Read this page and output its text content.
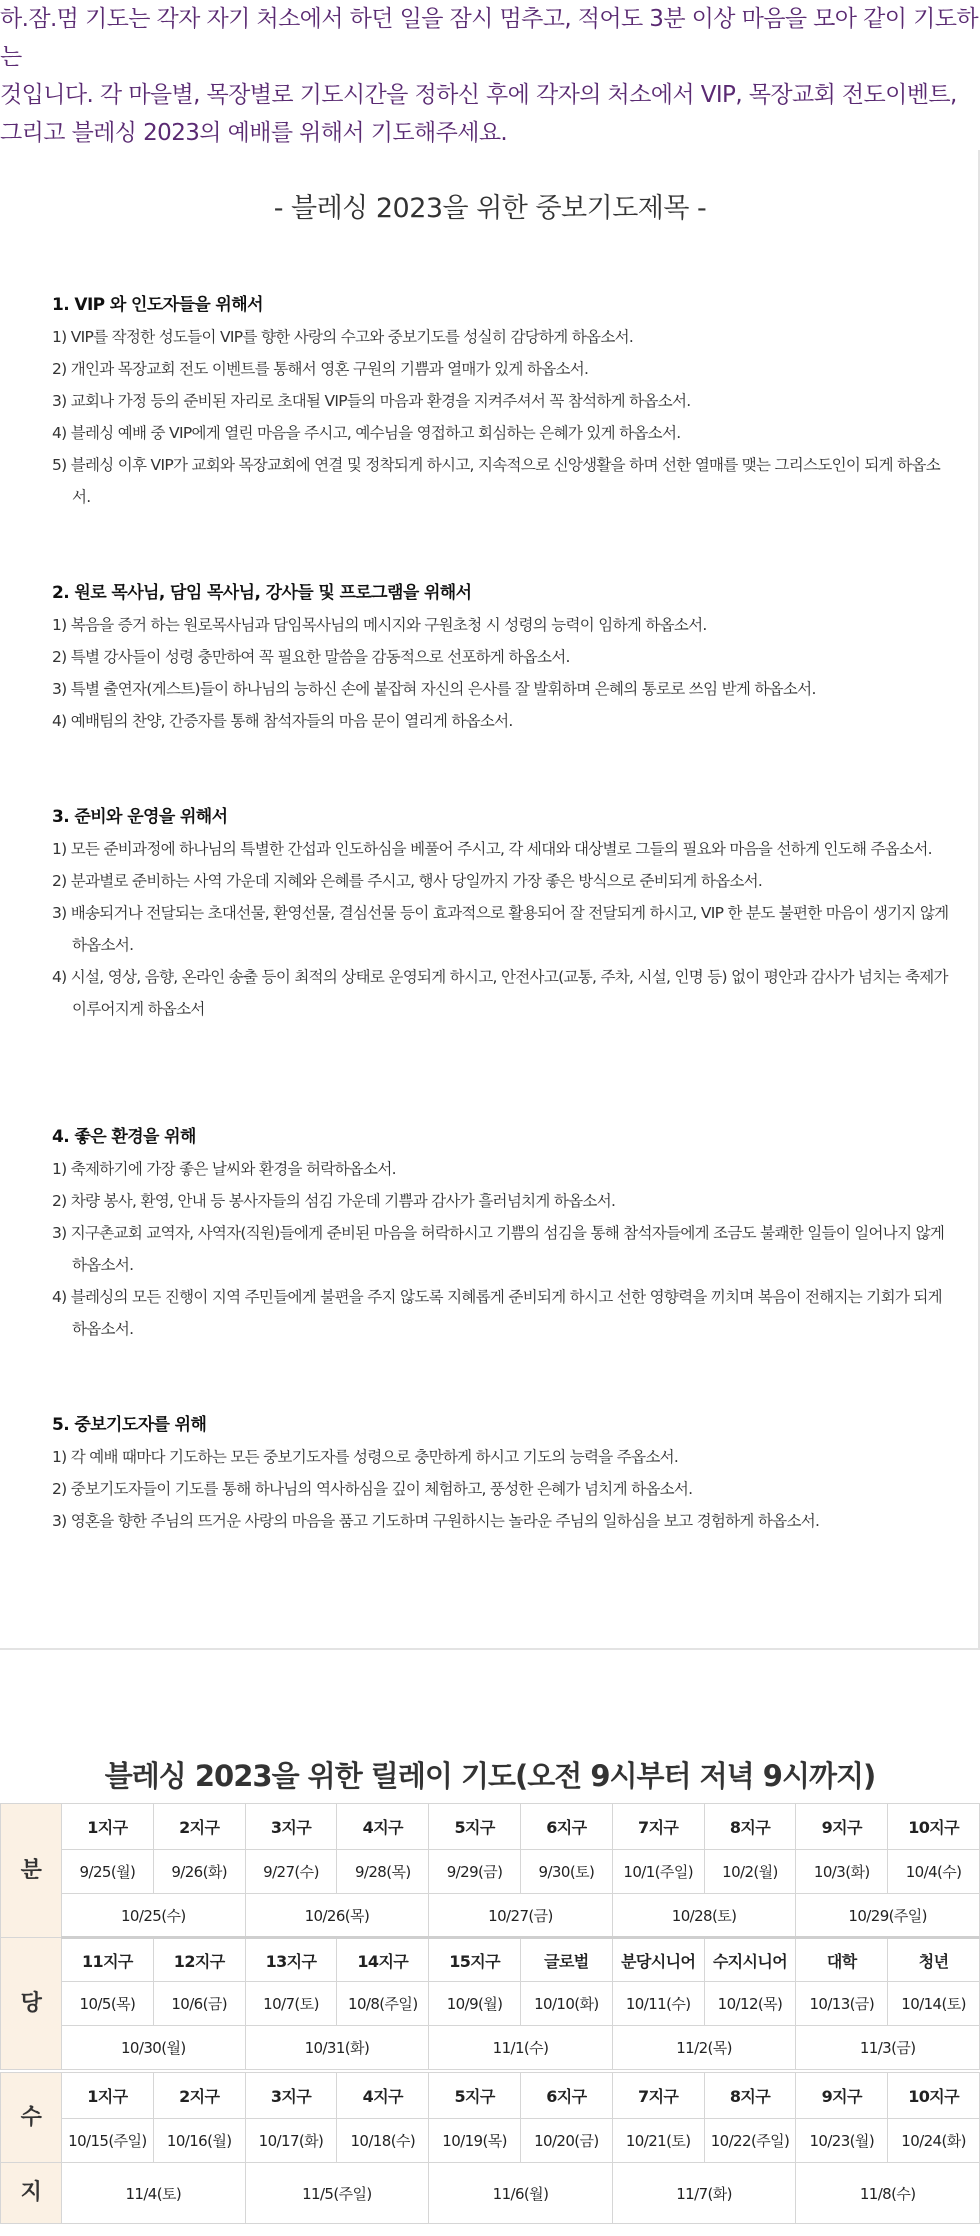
하.잠.멈 기도는 각자 자기 처소에서 하던 일을 잠시 멈추고, 적어도 3분 이상 마음을 모아 같이 기도하는
것입니다. 각 마을별, 목장별로 기도시간을 정하신 후에 각자의 처소에서 VIP, 목장교회 전도이벤트,
그리고 블레싱 2023의 예배를 위해서 기도해주세요.
- 블레싱 2023을 위한 중보기도제목 -
1. VIP 와 인도자들을 위해서
1) VIP를 작정한 성도들이 VIP를 향한 사랑의 수고와 중보기도를 성실히 감당하게 하옵소서.
2) 개인과 목장교회 전도 이벤트를 통해서 영혼 구원의 기쁨과 열매가 있게 하옵소서.
3) 교회나 가정 등의 준비된 자리로 초대될 VIP들의 마음과 환경을 지켜주셔서 꼭 참석하게 하옵소서.
4) 블레싱 예배 중 VIP에게 열린 마음을 주시고, 예수님을 영접하고 회심하는 은혜가 있게 하옵소서.
5) 블레싱 이후 VIP가 교회와 목장교회에 연결 및 정착되게 하시고, 지속적으로 신앙생활을 하며 선한 열매를 맺는 그리스도인이 되게 하옵소서.
2. 원로 목사님, 담임 목사님, 강사들 및 프로그램을 위해서
1) 복음을 증거 하는 원로목사님과 담임목사님의 메시지와 구원초청 시 성령의 능력이 임하게 하옵소서.
2) 특별 강사들이 성령 충만하여 꼭 필요한 말씀을 감동적으로 선포하게 하옵소서.
3) 특별 출연자(게스트)들이 하나님의 능하신 손에 붙잡혀 자신의 은사를 잘 발휘하며 은혜의 통로로 쓰임 받게 하옵소서.
4) 예배팀의 찬양, 간증자를 통해 참석자들의 마음 문이 열리게 하옵소서.
3. 준비와 운영을 위해서
1) 모든 준비과정에 하나님의 특별한 간섭과 인도하심을 베풀어 주시고, 각 세대와 대상별로 그들의 필요와 마음을 선하게 인도해 주옵소서.
2) 분과별로 준비하는 사역 가운데 지혜와 은혜를 주시고, 행사 당일까지 가장 좋은 방식으로 준비되게 하옵소서.
3) 배송되거나 전달되는 초대선물, 환영선물, 결심선물 등이 효과적으로 활용되어 잘 전달되게 하시고, VIP 한 분도 불편한 마음이 생기지 않게 하옵소서.
4) 시설, 영상, 음향, 온라인 송출 등이 최적의 상태로 운영되게 하시고, 안전사고(교통, 주차, 시설, 인명 등) 없이 평안과 감사가 넘치는 축제가 이루어지게 하옵소서
4. 좋은 환경을 위해
1) 축제하기에 가장 좋은 날씨와 환경을 허락하옵소서.
2) 차량 봉사, 환영, 안내 등 봉사자들의 섬김 가운데 기쁨과 감사가 흘러넘치게 하옵소서.
3) 지구촌교회 교역자, 사역자(직원)들에게 준비된 마음을 허락하시고 기쁨의 섬김을 통해 참석자들에게 조금도 불쾌한 일들이 일어나지 않게 하옵소서.
4) 블레싱의 모든 진행이 지역 주민들에게 불편을 주지 않도록 지혜롭게 준비되게 하시고 선한 영향력을 끼치며 복음이 전해지는 기회가 되게 하옵소서.
5. 중보기도자를 위해
1) 각 예배 때마다 기도하는 모든 중보기도자를 성령으로 충만하게 하시고 기도의 능력을 주옵소서.
2) 중보기도자들이 기도를 통해 하나님의 역사하심을 깊이 체험하고, 풍성한 은혜가 넘치게 하옵소서.
3) 영혼을 향한 주님의 뜨거운 사랑의 마음을 품고 기도하며 구원하시는 놀라운 주님의 일하심을 보고 경험하게 하옵소서.
블레싱 2023을 위한 릴레이 기도(오전 9시부터 저녁 9시까지)
분	1지구	2지구	3지구	4지구	5지구	6지구	7지구	8지구	9지구	10지구
	9/25(월)	9/26(화)	9/27(수)	9/28(목)	9/29(금)	9/30(토)	10/1(주일)	10/2(월)	10/3(화)	10/4(수)
	10/25(수)		10/26(목)		10/27(금)		10/28(토)		10/29(주일)	
당	11지구	12지구	13지구	14지구	15지구	글로벌	분당시니어	수지시니어	대학	청년
	10/5(목)	10/6(금)	10/7(토)	10/8(주일)	10/9(월)	10/10(화)	10/11(수)	10/12(목)	10/13(금)	10/14(토)
	10/30(월)		10/31(화)		11/1(수)		11/2(목)		11/3(금)	
수	1지구	2지구	3지구	4지구	5지구	6지구	7지구	8지구	9지구	10지구
	10/15(주일)	10/16(월)	10/17(화)	10/18(수)	10/19(목)	10/20(금)	10/21(토)	10/22(주일)	10/23(월)	10/24(화)
지	11/4(토)		11/5(주일)		11/6(월)		11/7(화)		11/8(수)	
